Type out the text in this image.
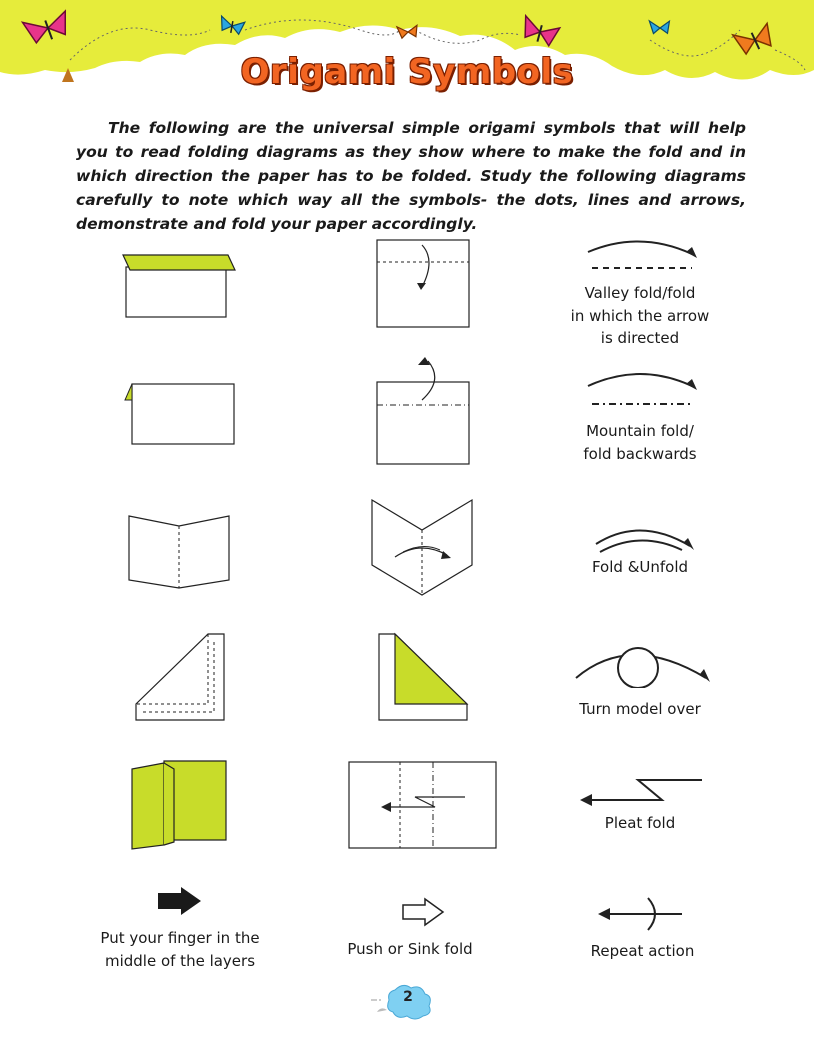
Origami Symbols

The following are the universal simple origami symbols that will help you to read folding diagrams as they show where to make the fold and in which direction the paper has to be folded. Study the following diagrams carefully to note which way all the symbols- the dots, lines and arrows, demonstrate and fold your paper accordingly.

Valley fold/fold
in which the arrow
is directed
Mountain fold/
fold backwards
Fold &Unfold
Turn model over
Pleat fold
Put your finger in the
middle of the layers
Push or Sink fold	Repeat action
2
